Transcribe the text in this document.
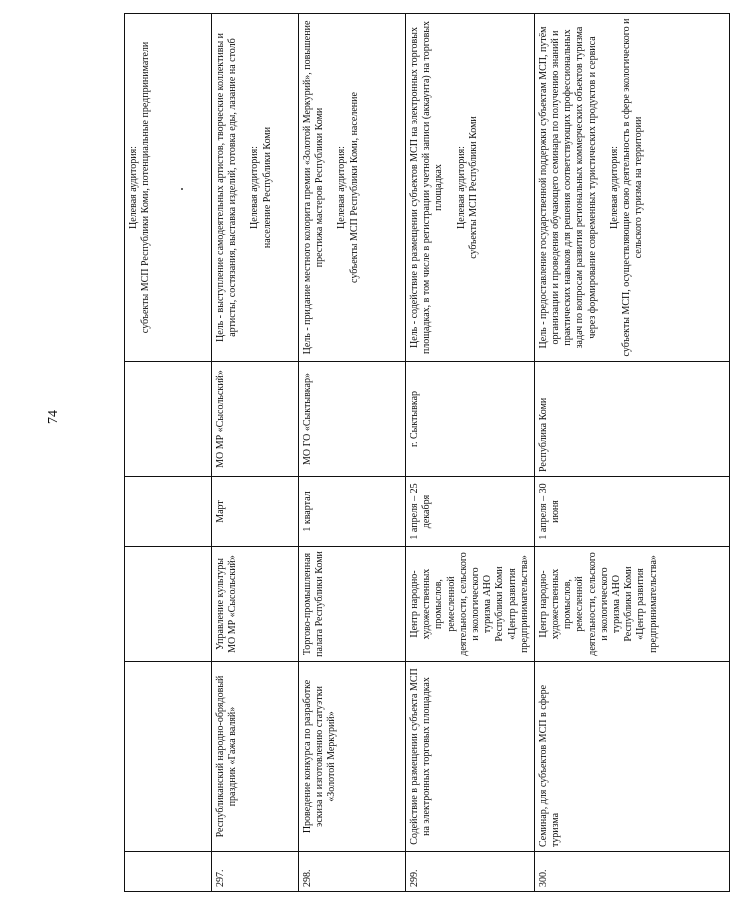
74

					Целевая аудитория: субъекты МСП Республики Коми, потенциальные предприниматели

297.	Республиканский народно-обрядовый праздник «Гажа валяй»	Управление культуры МО МР «Сысольский»	Март	МО МР «Сысольский»	Цель - выступление самодеятельных артистов, творческие коллективы и артисты, состязания, выставка изделий, готовка еды, лазание на столб Целевая аудитория: население Республики Коми

298.	Проведение конкурса по разработке эскиза и изготовлению статуэтки «Золотой Меркурий»	Торгово-промышленная палата Республики Коми	1 квартал	МО ГО «Сыктывкар»	Цель - придание местного колорита премии «Золотой Меркурий», повышение престижа мастеров Республики Коми Целевая аудитория: субъекты МСП Республики Коми, население

299.	Содействие в размещении субъекта МСП на электронных торговых площадках	Центр народно-художественных промыслов, ремесленной деятельности, сельского и экологического туризма АНО Республики Коми «Центр развития предпринимательства»	1 апреля – 25 декабря	г. Сыктывкар	Цель - содействие в размещении субъектов МСП на электронных торговых площадках, в том числе в регистрации учетной записи (аккаунта) на торговых площадках Целевая аудитория: субъекты МСП Республики Коми

300.	Семинар, для субъектов МСП в сфере туризма	Центр народно-художественных промыслов, ремесленной деятельности, сельского и экологического туризма АНО Республики Коми «Центр развития предпринимательства»	1 апреля – 30 июня	Республика Коми	Цель - предоставление государственной поддержки субъектам МСП, путём организации и проведения обучающего семинара по получению знаний и практических навыков для решения соответствующих профессиональных задач по вопросам развития региональных коммерческих объектов туризма через формирование современных туристических продуктов и сервиса Целевая аудитория: субъекты МСП, осуществляющие свою деятельность в сфере экологического и сельского туризма на территории
